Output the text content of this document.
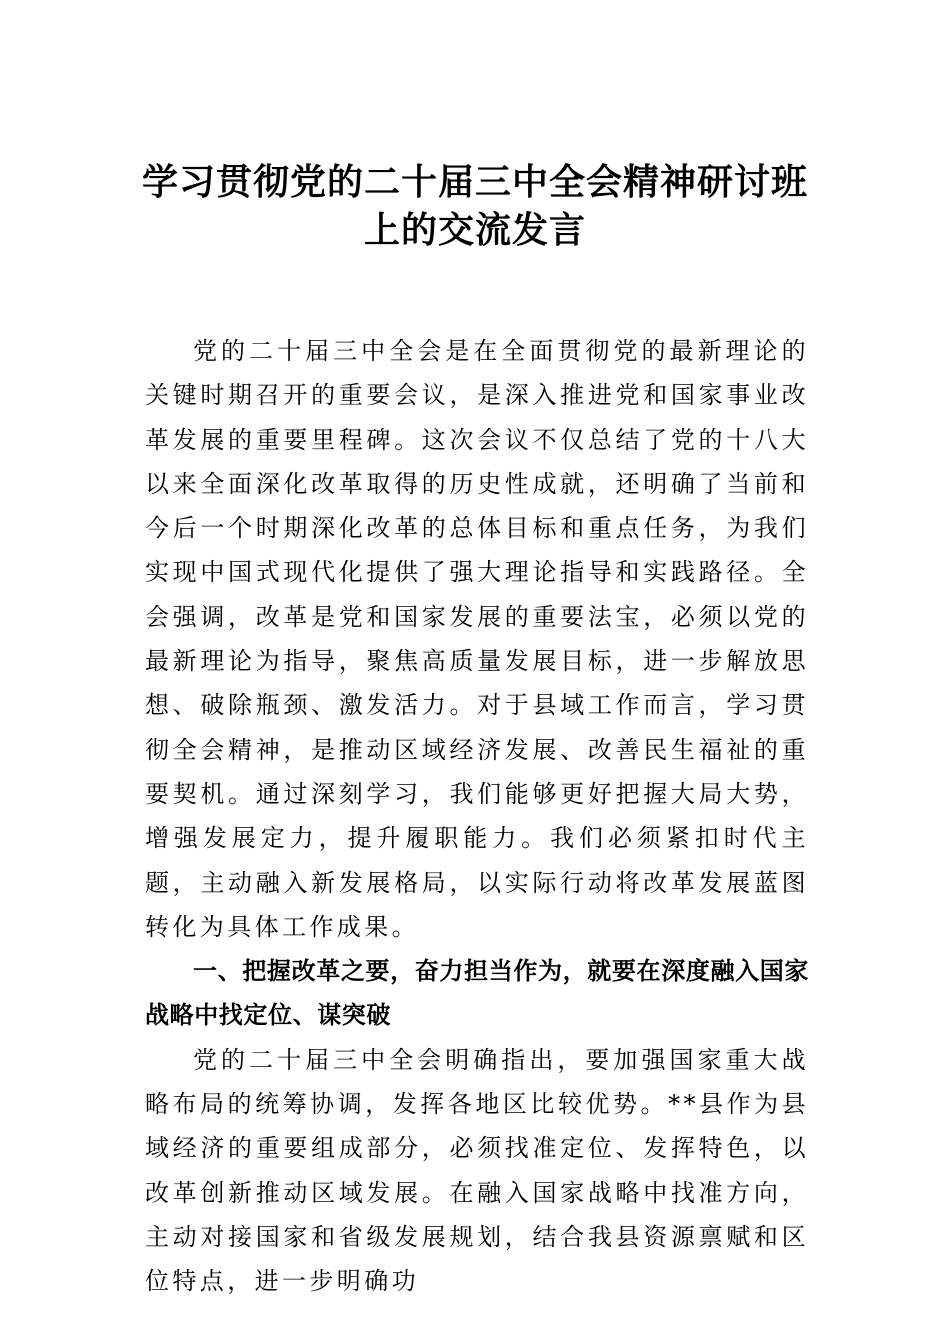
学习贯彻党的二十届三中全会精神研讨班
上的交流发言

党的二十届三中全会是在全面贯彻党的最新理论的关键时期召开的重要会议，是深入推进党和国家事业改革发展的重要里程碑。这次会议不仅总结了党的十八大以来全面深化改革取得的历史性成就，还明确了当前和今后一个时期深化改革的总体目标和重点任务，为我们实现中国式现代化提供了强大理论指导和实践路径。全会强调，改革是党和国家发展的重要法宝，必须以党的最新理论为指导，聚焦高质量发展目标，进一步解放思想、破除瓶颈、激发活力。对于县域工作而言，学习贯彻全会精神，是推动区域经济发展、改善民生福祉的重要契机。通过深刻学习，我们能够更好把握大局大势，增强发展定力，提升履职能力。我们必须紧扣时代主题，主动融入新发展格局，以实际行动将改革发展蓝图转化为具体工作成果。

一、把握改革之要，奋力担当作为，就要在深度融入国家战略中找定位、谋突破

党的二十届三中全会明确指出，要加强国家重大战略布局的统筹协调，发挥各地区比较优势。**县作为县域经济的重要组成部分，必须找准定位、发挥特色，以改革创新推动区域发展。在融入国家战略中找准方向，主动对接国家和省级发展规划，结合我县资源禀赋和区位特点，进一步明确功
